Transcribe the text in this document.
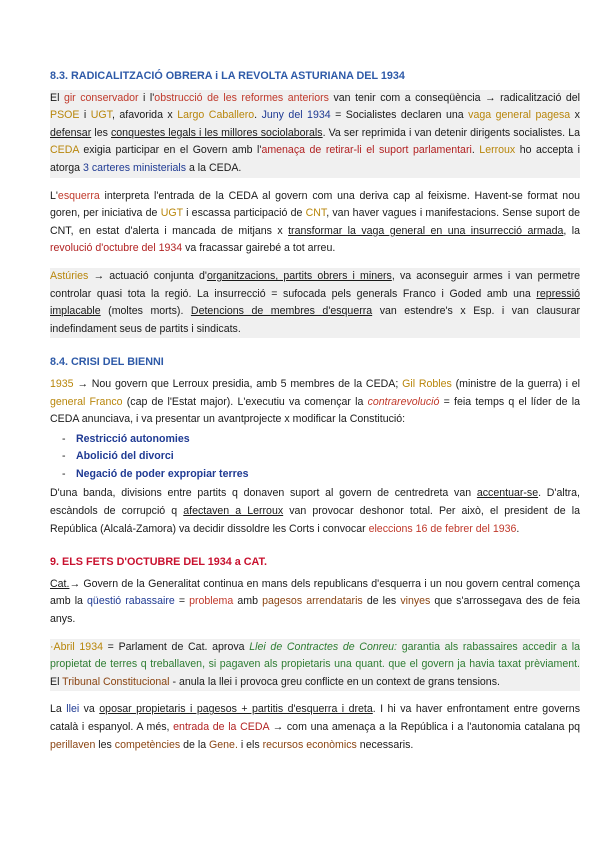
8.3. RADICALITZACIÓ OBRERA i LA REVOLTA ASTURIANA DEL 1934

El gir conservador i l'obstrucció de les reformes anteriors van tenir com a conseqüència → radicalització del PSOE i UGT, afavorida x Largo Caballero. Juny del 1934 = Socialistes declaren una vaga general pagesa x defensar les conquestes legals i les millores sociolaborals. Va ser reprimida i van detenir dirigents socialistes. La CEDA exigia participar en el Govern amb l'amenaça de retirar-li el suport parlamentari. Lerroux ho accepta i atorga 3 carteres ministerials a la CEDA.

L'esquerra interpreta l'entrada de la CEDA al govern com una deriva cap al feixisme. Havent-se format nou goren, per iniciativa de UGT i escassa participació de CNT, van haver vagues i manifestacions. Sense suport de CNT, en estat d'alerta i mancada de mitjans x transformar la vaga general en una insurrecció armada, la revolució d'octubre del 1934 va fracassar gairebé a tot arreu.

Astúries → actuació conjunta d'organitzacions, partits obrers i miners, va aconseguir armes i van permetre controlar quasi tota la regió. La insurrecció = sufocada pels generals Franco i Goded amb una repressió implacable (moltes morts). Detencions de membres d'esquerra van estendre's x Esp. i van clausurar indefindament seus de partits i sindicats.

8.4. CRISI DEL BIENNI

1935 → Nou govern que Lerroux presidia, amb 5 membres de la CEDA; Gil Robles (ministre de la guerra) i el general Franco (cap de l'Estat major). L'executiu va començar la contrarevolució = feia temps q el líder de la CEDA anunciava, i va presentar un avantprojecte x modificar la Constitució:

- Restricció autonomies
- Abolició del divorci
- Negació de poder expropiar terres

D'una banda, divisions entre partits q donaven suport al govern de centredreta van accentuar-se. D'altra, escàndols de corrupció q afectaven a Lerroux van provocar deshonor total. Per això, el president de la República (Alcalá-Zamora) va decidir dissoldre les Corts i convocar eleccions 16 de febrer del 1936.

9. ELS FETS D'OCTUBRE DEL 1934 a CAT.

Cat.→ Govern de la Generalitat continua en mans dels republicans d'esquerra i un nou govern central comença amb la qüestió rabassaire = problema amb pagesos arrendataris de les vinyes que s'arrossegava des de feia anys.

·Abril 1934 = Parlament de Cat. aprova Llei de Contractes de Conreu: garantia als rabassaires accedir a la propietat de terres q treballaven, si pagaven als propietaris una quant. que el govern ja havia taxat prèviament. El Tribunal Constitucional - anula la llei i provoca greu conflicte en un context de grans tensions.

La llei va oposar propietaris i pagesos + partitis d'esquerra i dreta. I hi va haver enfrontament entre governs català i espanyol. A més, entrada de la CEDA → com una amenaça a la República i a l'autonomia catalana pq perillaven les competències de la Gene. i els recursos econòmics necessaris.
